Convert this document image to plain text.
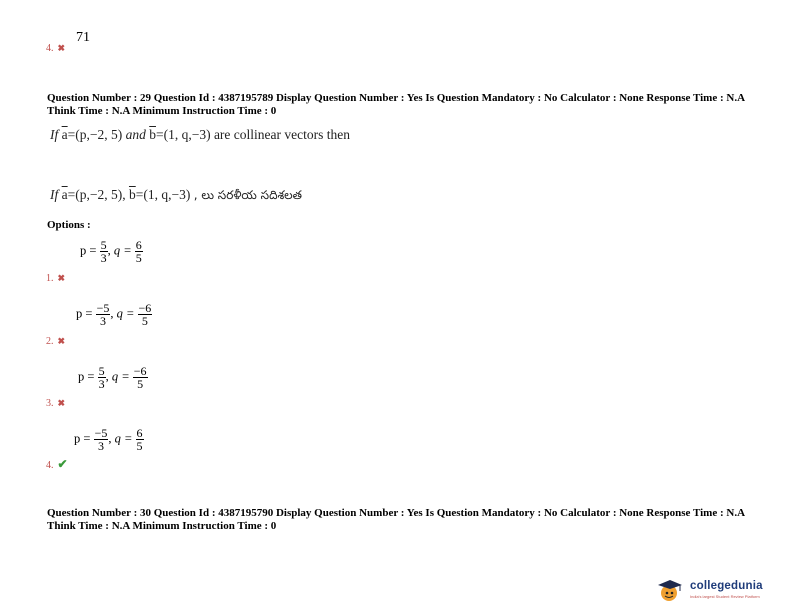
4. ✖
71
Question Number : 29 Question Id : 4387195789 Display Question Number : Yes Is Question Mandatory : No Calculator : None Response Time : N.A Think Time : N.A Minimum Instruction Time : 0
If $\overline{a}=(p,-2$, 5) and $\overline{b}=(1$, q,−3) are collinear vectors then
If $\overline{a}=(p,-2$, 5), $\overline{b}=(1$, q,−3) , లు సరళీయ సదిశలత
Options :
$p = \frac{5}{3}$ , $q = \frac{6}{5}$
1. ✖
$p = \frac{-5}{3}$ , $q = \frac{-6}{5}$
2. ✖
$p = \frac{5}{3}$ , $q = \frac{-6}{5}$
3. ✖
$p = \frac{-5}{3}$ , $q = \frac{6}{5}$
4. ✔
Question Number : 30 Question Id : 4387195790 Display Question Number : Yes Is Question Mandatory : No Calculator : None Response Time : N.A Think Time : N.A Minimum Instruction Time : 0
collegedunia
India's largest Student Review Platform
